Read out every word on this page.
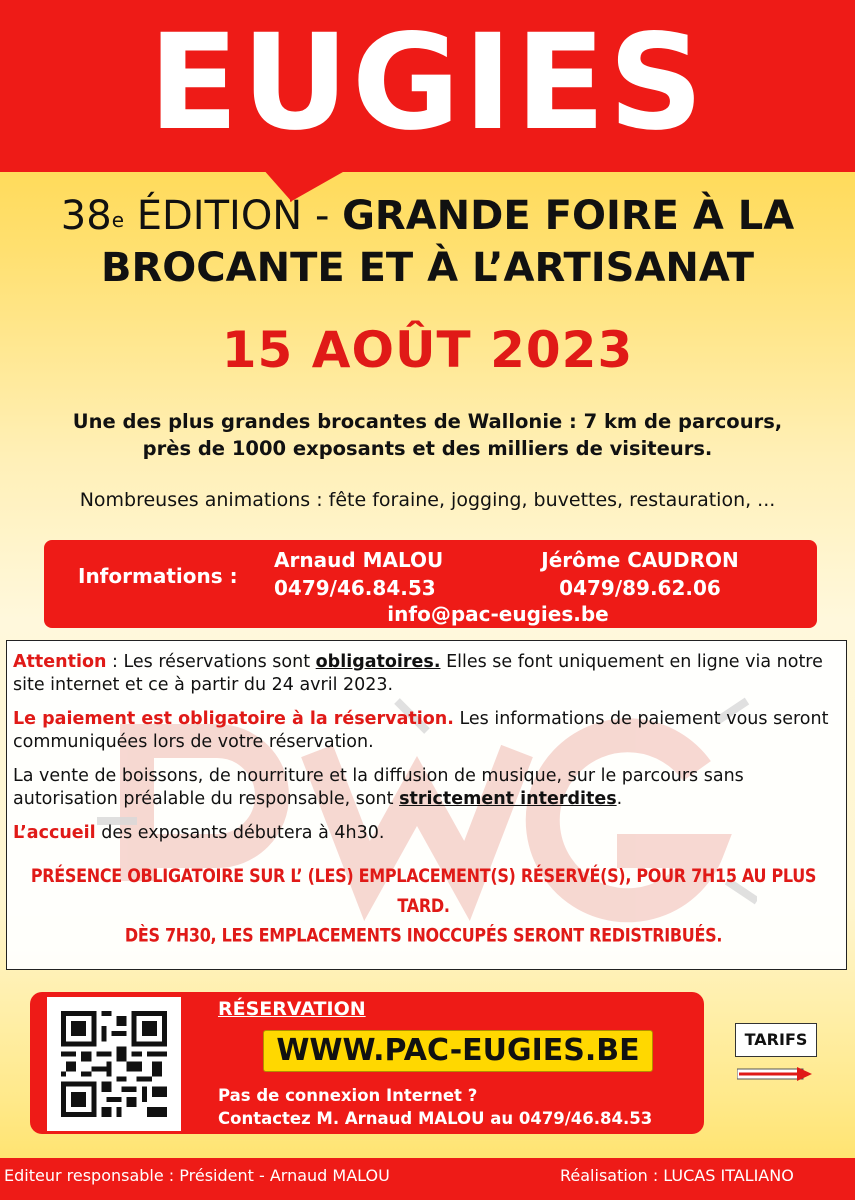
EUGIES
38e ÉDITION - GRANDE FOIRE À LA
BROCANTE ET À L’ARTISANAT
15 AOÛT 2023
Une des plus grandes brocantes de Wallonie : 7 km de parcours,
près de 1000 exposants et des milliers de visiteurs.
Nombreuses animations : fête foraine, jogging, buvettes, restauration, ...
Informations :
Arnaud MALOU
0479/46.84.53
Jérôme CAUDRON
0479/89.62.06
info@pac-eugies.be

Attention : Les réservations sont obligatoires. Elles se font uniquement en ligne via notre site internet et ce à partir du 24 avril 2023.

Le paiement est obligatoire à la réservation. Les informations de paiement vous seront communiquées lors de votre réservation.

La vente de boissons, de nourriture et la diffusion de musique, sur le parcours sans autorisation préalable du responsable, sont strictement interdites.

L’accueil des exposants débutera à 4h30.

PRÉSENCE OBLIGATOIRE SUR L’ (LES) EMPLACEMENT(S) RÉSERVÉ(S), POUR 7H15 AU PLUS TARD.
DÈS 7H30, LES EMPLACEMENTS INOCCUPÉS SERONT REDISTRIBUÉS.

RÉSERVATION
WWW.PAC-EUGIES.BE
Pas de connexion Internet ?
Contactez M. Arnaud MALOU au 0479/46.84.53
TARIFS
Editeur responsable : Président - Arnaud MALOU	Réalisation : LUCAS ITALIANO
